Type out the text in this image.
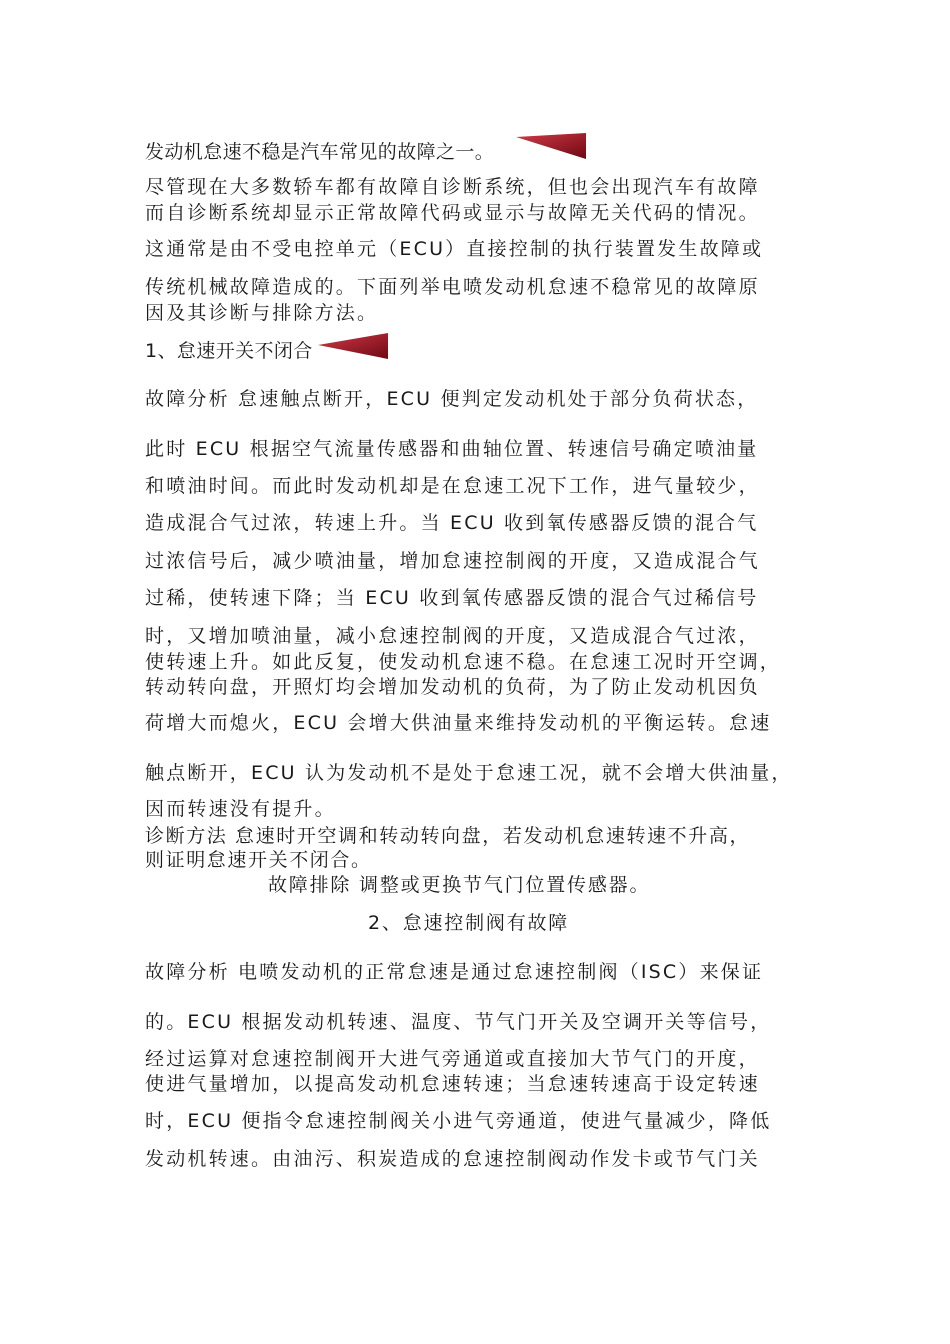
发动机怠速不稳是汽车常见的故障之一。
尽管现在大多数轿车都有故障自诊断系统，但也会出现汽车有故障
而自诊断系统却显示正常故障代码或显示与故障无关代码的情况。
这通常是由不受电控单元（ECU）直接控制的执行装置发生故障或
传统机械故障造成的。下面列举电喷发动机怠速不稳常见的故障原
因及其诊断与排除方法。
1、怠速开关不闭合
故障分析 怠速触点断开，ECU 便判定发动机处于部分负荷状态，
此时 ECU 根据空气流量传感器和曲轴位置、转速信号确定喷油量
和喷油时间。而此时发动机却是在怠速工况下工作，进气量较少，
造成混合气过浓，转速上升。当 ECU 收到氧传感器反馈的混合气
过浓信号后，减少喷油量，增加怠速控制阀的开度，又造成混合气
过稀，使转速下降；当 ECU 收到氧传感器反馈的混合气过稀信号
时，又增加喷油量，减小怠速控制阀的开度，又造成混合气过浓，
使转速上升。如此反复，使发动机怠速不稳。在怠速工况时开空调，
转动转向盘，开照灯均会增加发动机的负荷，为了防止发动机因负
荷增大而熄火，ECU 会增大供油量来维持发动机的平衡运转。怠速
触点断开，ECU 认为发动机不是处于怠速工况，就不会增大供油量，
因而转速没有提升。
诊断方法 怠速时开空调和转动转向盘，若发动机怠速转速不升高，
则证明怠速开关不闭合。
故障排除 调整或更换节气门位置传感器。
2、怠速控制阀有故障
故障分析 电喷发动机的正常怠速是通过怠速控制阀（ISC）来保证
的。ECU 根据发动机转速、温度、节气门开关及空调开关等信号，
经过运算对怠速控制阀开大进气旁通道或直接加大节气门的开度，
使进气量增加，以提高发动机怠速转速；当怠速转速高于设定转速
时，ECU 便指令怠速控制阀关小进气旁通道，使进气量减少，降低
发动机转速。由油污、积炭造成的怠速控制阀动作发卡或节气门关
